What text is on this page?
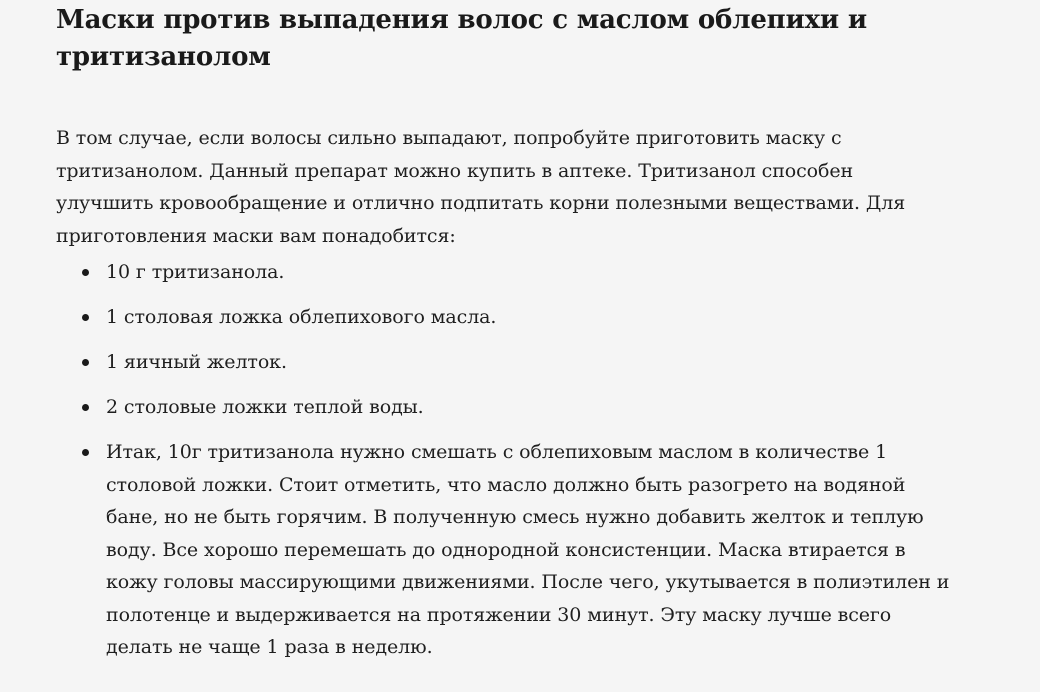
Маски против выпадения волос с маслом облепихи и тритизанолом

В том случае, если волосы сильно выпадают, попробуйте приготовить маску с тритизанолом. Данный препарат можно купить в аптеке. Тритизанол способен улучшить кровообращение и отлично подпитать корни полезными веществами. Для приготовления маски вам понадобится:

10 г тритизанола.
1 столовая ложка облепихового масла.
1 яичный желток.
2 столовые ложки теплой воды.
Итак, 10г тритизанола нужно смешать с облепиховым маслом в количестве 1 столовой ложки. Стоит отметить, что масло должно быть разогрето на водяной бане, но не быть горячим. В полученную смесь нужно добавить желток и теплую воду. Все хорошо перемешать до однородной консистенции. Маска втирается в кожу головы массирующими движениями. После чего, укутывается в полиэтилен и полотенце и выдерживается на протяжении 30 минут. Эту маску лучше всего делать не чаще 1 раза в неделю.
